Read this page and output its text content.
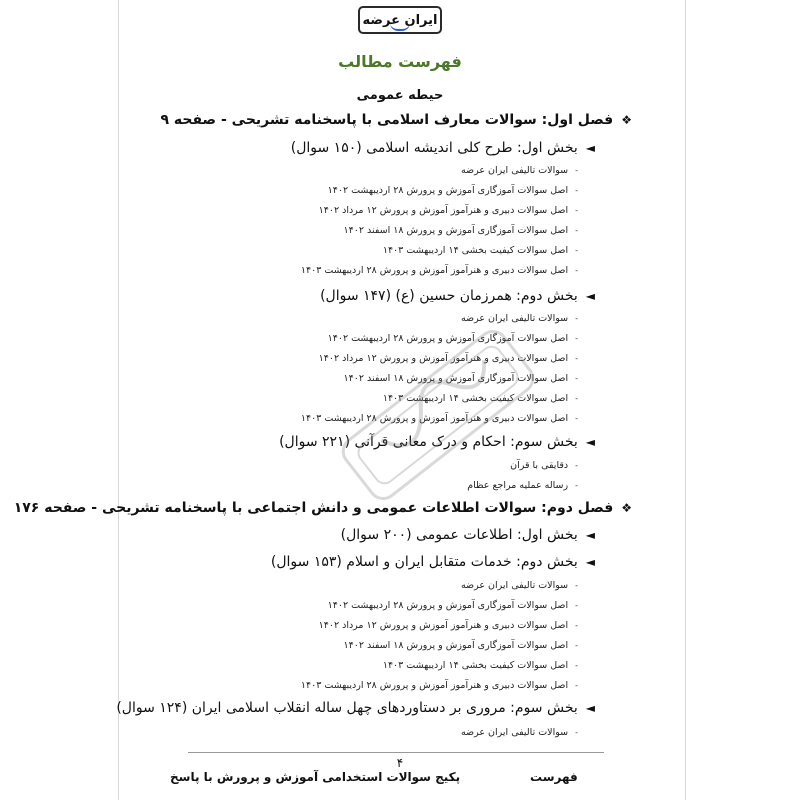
ایران عرضه
فهرست مطالب
حیطه عمومی
❖فصل اول: سوالات معارف اسلامی با پاسخنامه تشریحی - صفحه ۹
◄بخش اول: طرح کلی اندیشه اسلامی (۱۵۰ سوال)
-سوالات تالیفی ایران عرضه
-اصل سوالات آموزگاری آموزش و پرورش ۲۸ اردیبهشت ۱۴۰۲
-اصل سوالات دبیری و هنرآموز آموزش و پرورش ۱۲ مرداد ۱۴۰۲
-اصل سوالات آموزگاری آموزش و پرورش ۱۸ اسفند ۱۴۰۲
-اصل سوالات کیفیت بخشی ۱۴ اردیبهشت ۱۴۰۳
-اصل سوالات دبیری و هنرآموز آموزش و پرورش ۲۸ اردیبهشت ۱۴۰۳
◄بخش دوم: همرزمان حسین (ع) (۱۴۷ سوال)
-سوالات تالیفی ایران عرضه
-اصل سوالات آموزگاری آموزش و پرورش ۲۸ اردیبهشت ۱۴۰۲
-اصل سوالات دبیری و هنرآموز آموزش و پرورش ۱۲ مرداد ۱۴۰۲
-اصل سوالات آموزگاری آموزش و پرورش ۱۸ اسفند ۱۴۰۲
-اصل سوالات کیفیت بخشی ۱۴ اردیبهشت ۱۴۰۳
-اصل سوالات دبیری و هنرآموز آموزش و پرورش ۲۸ اردیبهشت ۱۴۰۳
◄بخش سوم: احکام و درک معانی قرآنی (۲۲۱ سوال)
-دقایقی با قرآن
-رساله عملیه مراجع عظام
❖فصل دوم: سوالات اطلاعات عمومی و دانش اجتماعی با پاسخنامه تشریحی - صفحه ۱۷۶
◄بخش اول: اطلاعات عمومی (۲۰۰ سوال)
◄بخش دوم: خدمات متقابل ایران و اسلام (۱۵۳ سوال)
-سوالات تالیفی ایران عرضه
-اصل سوالات آموزگاری آموزش و پرورش ۲۸ اردیبهشت ۱۴۰۲
-اصل سوالات دبیری و هنرآموز آموزش و پرورش ۱۲ مرداد ۱۴۰۲
-اصل سوالات آموزگاری آموزش و پرورش ۱۸ اسفند ۱۴۰۲
-اصل سوالات کیفیت بخشی ۱۴ اردیبهشت ۱۴۰۳
-اصل سوالات دبیری و هنرآموز آموزش و پرورش ۲۸ اردیبهشت ۱۴۰۳
◄بخش سوم: مروری بر دستاوردهای چهل ساله انقلاب اسلامی ایران (۱۲۴ سوال)
-سوالات تالیفی ایران عرضه
۴
پکیج سوالات استخدامی آموزش و پرورش با پاسخ	فهرست
